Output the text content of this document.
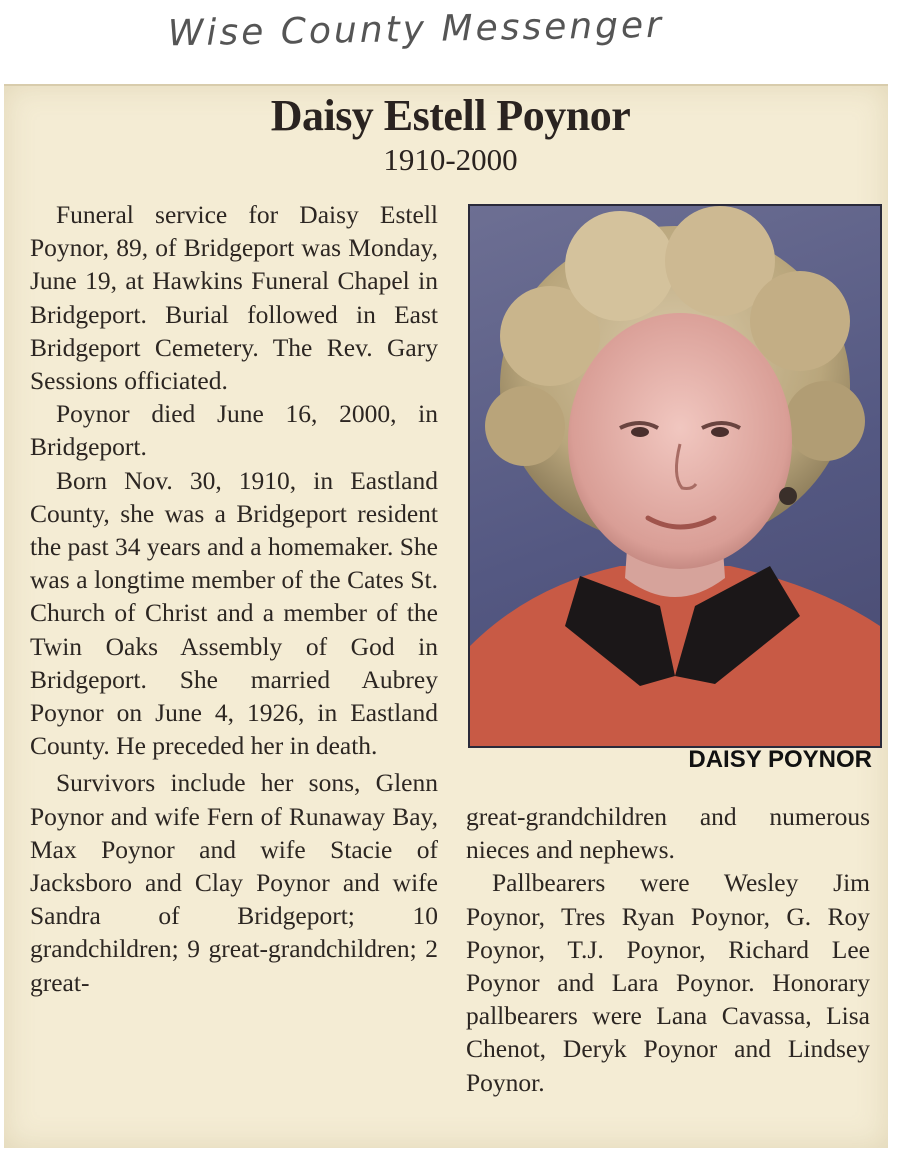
Wise County Messenger
Daisy Estell Poynor
1910-2000

Funeral service for Daisy Estell Poynor, 89, of Bridgeport was Monday, June 19, at Hawkins Funeral Chapel in Bridgeport. Burial followed in East Bridgeport Cemetery. The Rev. Gary Sessions officiated.

Poynor died June 16, 2000, in Bridgeport.

Born Nov. 30, 1910, in Eastland County, she was a Bridgeport resident the past 34 years and a homemaker. She was a longtime member of the Cates St. Church of Christ and a member of the Twin Oaks Assembly of God in Bridgeport. She married Aubrey Poynor on June 4, 1926, in Eastland County. He preceded her in death.

Survivors include her sons, Glenn Poynor and wife Fern of Runaway Bay, Max Poynor and wife Stacie of Jacksboro and Clay Poynor and wife Sandra of Bridgeport; 10 grandchildren; 9 great-grandchildren; 2 great-

DAISY POYNOR

great-grandchildren and numerous nieces and nephews.

Pallbearers were Wesley Jim Poynor, Tres Ryan Poynor, G. Roy Poynor, T.J. Poynor, Richard Lee Poynor and Lara Poynor. Honorary pallbearers were Lana Cavassa, Lisa Chenot, Deryk Poynor and Lindsey Poynor.
